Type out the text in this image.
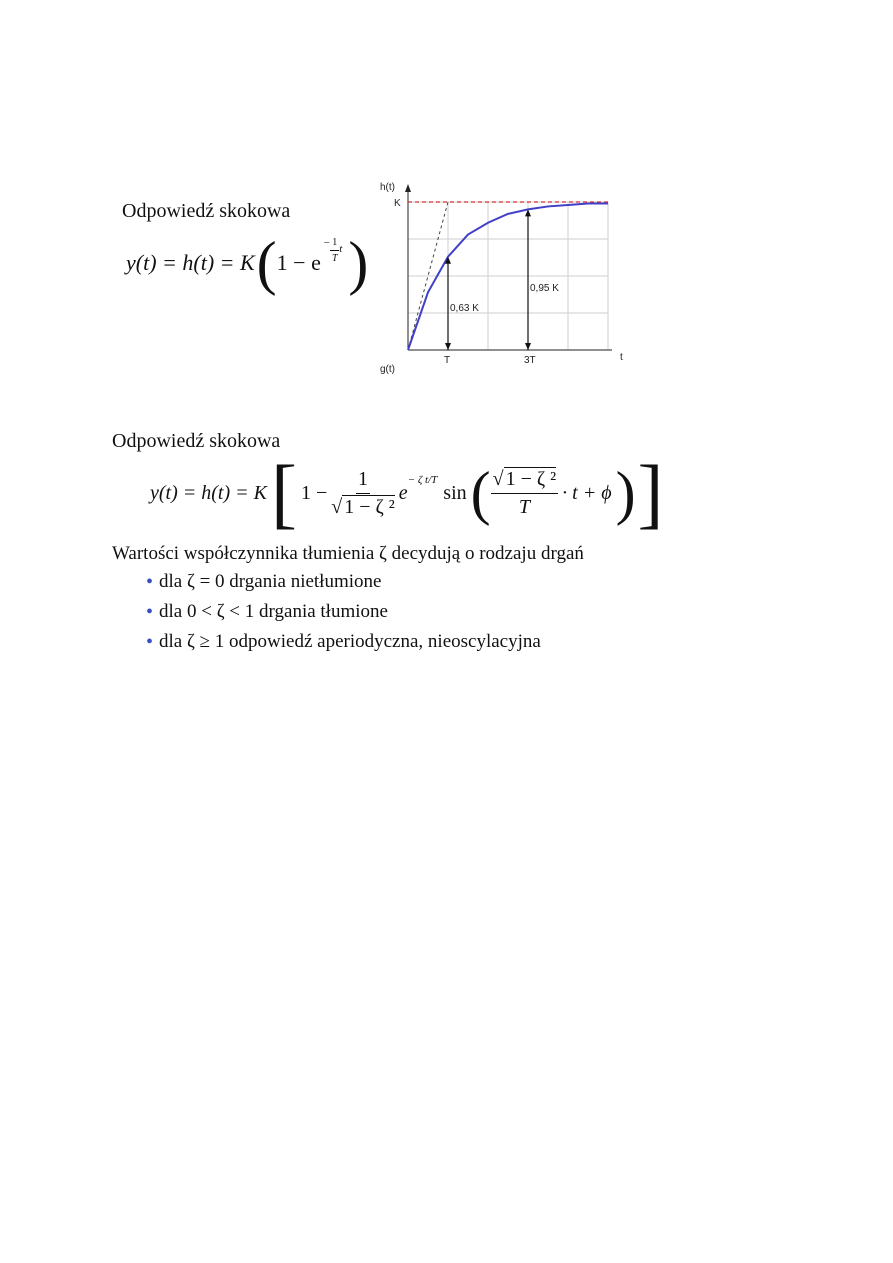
Odpowiedź skokowa
y(t) = h(t) = K ( 1 − e
− $\frac{1}{T}$ t )
h(t)
K
t
g(t)
0,63 K
T
0,95 K
3T
Odpowiedź skokowa
y(t) = h(t) = K [ $1 - \frac{1}{\text{√ 1 − ζ ²}}$ e
− ζ t/T
sin ( $\frac{\text{√ 1 − ζ ²}}{T} \cdot t + \phi$ ) ]
Wartości współczynnika tłumienia ζ decydują o rodzaju drgań
• dla ζ = 0 drgania nietłumione
• dla 0 < ζ < 1 drgania tłumione
• dla ζ ≥ 1 odpowiedź aperiodyczna, nieoscylacyjna
